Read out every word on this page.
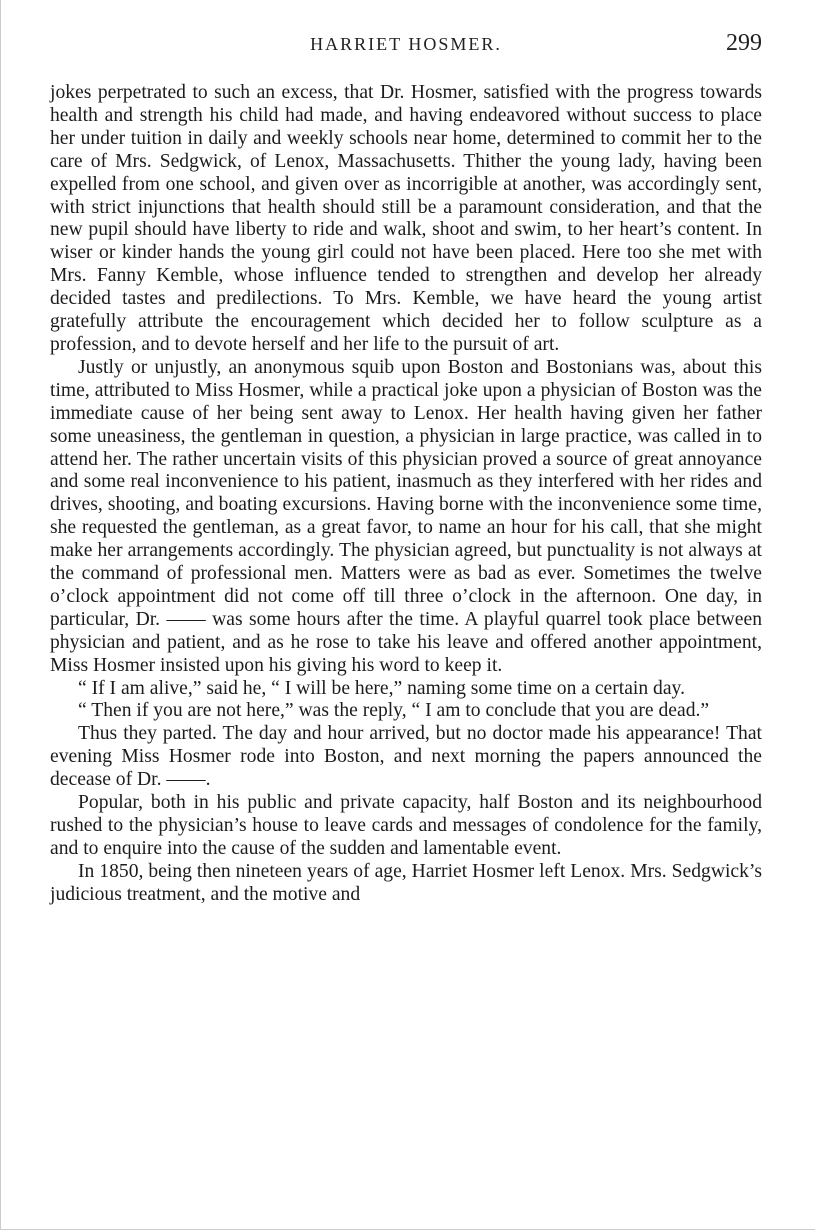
HARRIET HOSMER.	299

jokes perpetrated to such an excess, that Dr. Hosmer, satisfied with the progress towards health and strength his child had made, and having endeavored without success to place her under tuition in daily and weekly schools near home, determined to commit her to the care of Mrs. Sedgwick, of Lenox, Massachusetts. Thither the young lady, having been expelled from one school, and given over as incorrigible at another, was accordingly sent, with strict injunctions that health should still be a paramount consideration, and that the new pupil should have liberty to ride and walk, shoot and swim, to her heart’s content. In wiser or kinder hands the young girl could not have been placed. Here too she met with Mrs. Fanny Kemble, whose influence tended to strengthen and develop her already decided tastes and predilections. To Mrs. Kemble, we have heard the young artist gratefully attribute the encouragement which decided her to follow sculpture as a profession, and to devote herself and her life to the pursuit of art.

Justly or unjustly, an anonymous squib upon Boston and Bostonians was, about this time, attributed to Miss Hosmer, while a practical joke upon a physician of Boston was the immediate cause of her being sent away to Lenox. Her health having given her father some uneasiness, the gentleman in question, a physician in large practice, was called in to attend her. The rather uncertain visits of this physician proved a source of great annoyance and some real inconvenience to his patient, inasmuch as they interfered with her rides and drives, shooting, and boating excursions. Having borne with the inconvenience some time, she requested the gentleman, as a great favor, to name an hour for his call, that she might make her arrangements accordingly. The physician agreed, but punctuality is not always at the command of professional men. Matters were as bad as ever. Sometimes the twelve o’clock appointment did not come off till three o’clock in the afternoon. One day, in particular, Dr. —— was some hours after the time. A playful quarrel took place between physician and patient, and as he rose to take his leave and offered another appointment, Miss Hosmer insisted upon his giving his word to keep it.

“ If I am alive,” said he, “ I will be here,” naming some time on a certain day.

“ Then if you are not here,” was the reply, “ I am to conclude that you are dead.”

Thus they parted. The day and hour arrived, but no doctor made his appearance! That evening Miss Hosmer rode into Boston, and next morning the papers announced the decease of Dr. ——.

Popular, both in his public and private capacity, half Boston and its neighbourhood rushed to the physician’s house to leave cards and messages of condolence for the family, and to enquire into the cause of the sudden and lamentable event.

In 1850, being then nineteen years of age, Harriet Hosmer left Lenox. Mrs. Sedgwick’s judicious treatment, and the motive and
